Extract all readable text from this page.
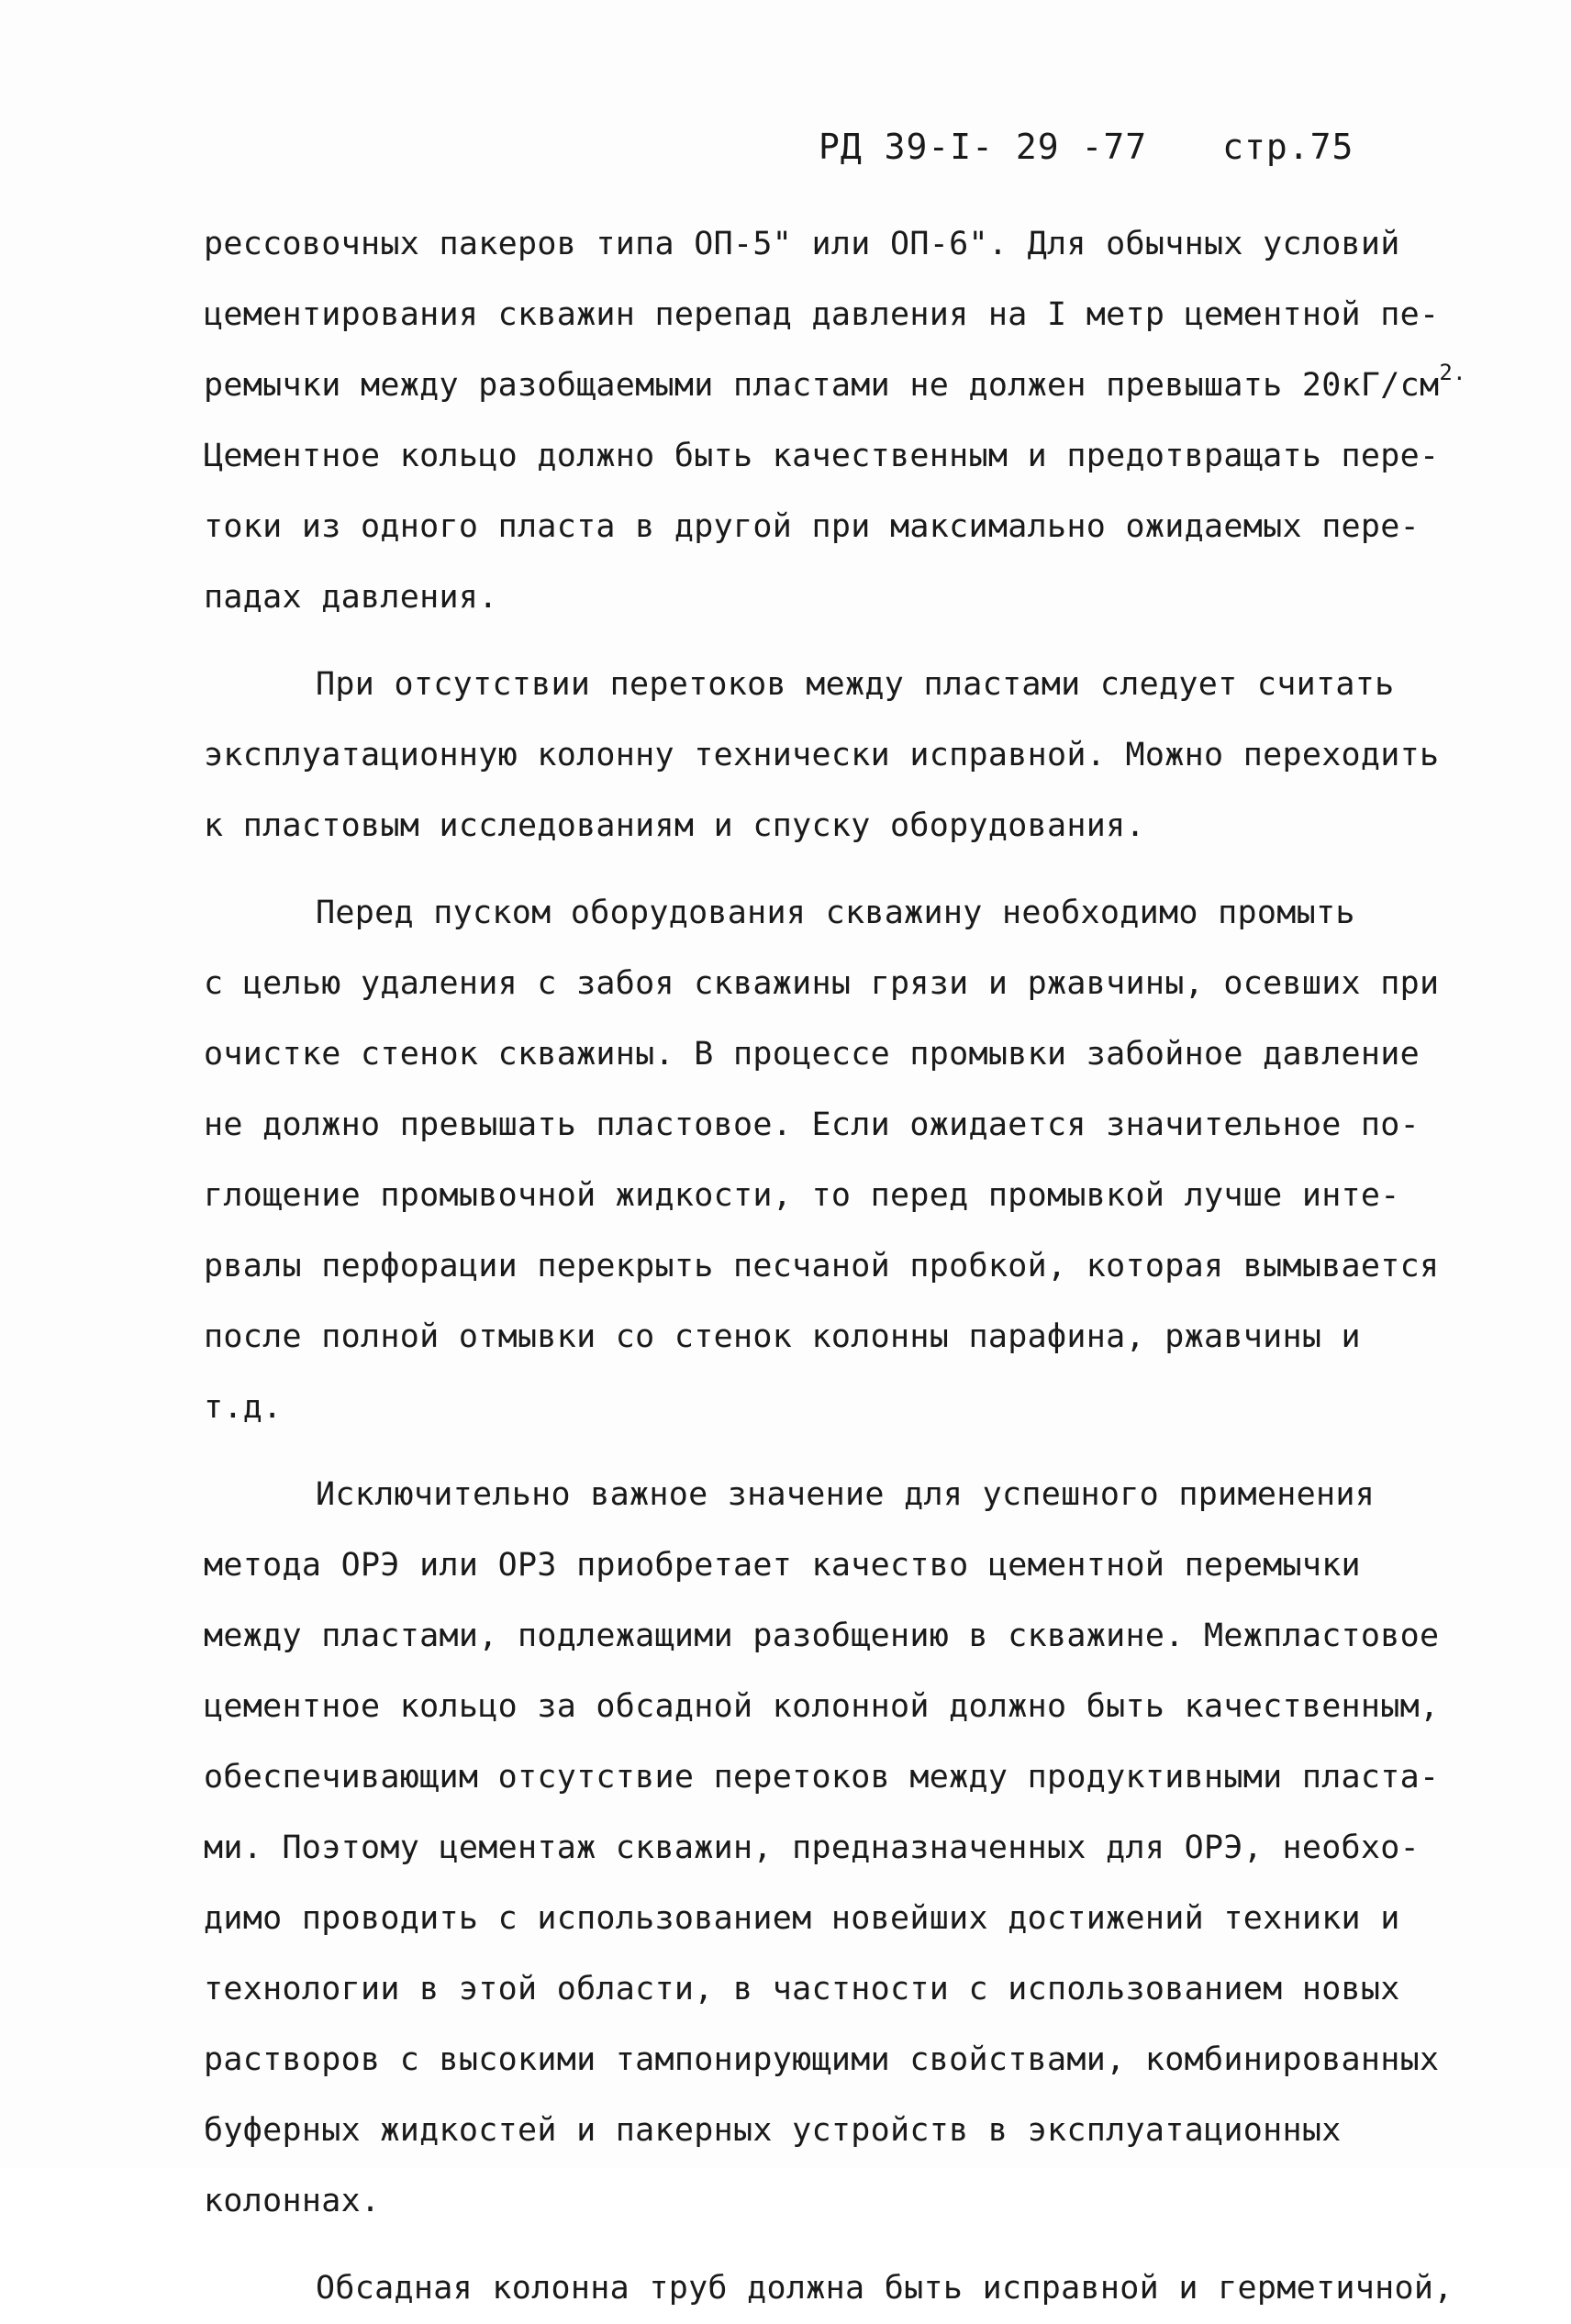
РД 39-I- 29 -77 стр.75
рессовочных пакеров типа ОП-5" или ОП-6". Для обычных условий
цементирования скважин перепад давления на I метр цементной пе-
ремычки между разобщаемыми пластами не должен превышать $20кГ/см^{2.}$
Цементное кольцо должно быть качественным и предотвращать пере-
токи из одного пласта в другой при максимально ожидаемых пере-
падах давления.
При отсутствии перетоков между пластами следует считать
эксплуатационную колонну технически исправной. Можно переходить
к пластовым исследованиям и спуску оборудования.
Перед пуском оборудования скважину необходимо промыть
с целью удаления с забоя скважины грязи и ржавчины, осевших при
очистке стенок скважины. В процессе промывки забойное давление
не должно превышать пластовое. Если ожидается значительное по-
глощение промывочной жидкости, то перед промывкой лучше инте-
рвалы перфорации перекрыть песчаной пробкой, которая вымывается
после полной отмывки со стенок колонны парафина, ржавчины и
т.д.
Исключительно важное значение для успешного применения
метода ОРЭ или ОРЗ приобретает качество цементной перемычки
между пластами, подлежащими разобщению в скважине. Межпластовое
цементное кольцо за обсадной колонной должно быть качественным,
обеспечивающим отсутствие перетоков между продуктивными пласта-
ми. Поэтому цементаж скважин, предназначенных для ОРЭ, необхо-
димо проводить с использованием новейших достижений техники и
технологии в этой области, в частности с использованием новых
растворов с высокими тампонирующими свойствами, комбинированных
буферных жидкостей и пакерных устройств в эксплуатационных
колоннах.
Обсадная колонна труб должна быть исправной и герметичной,
